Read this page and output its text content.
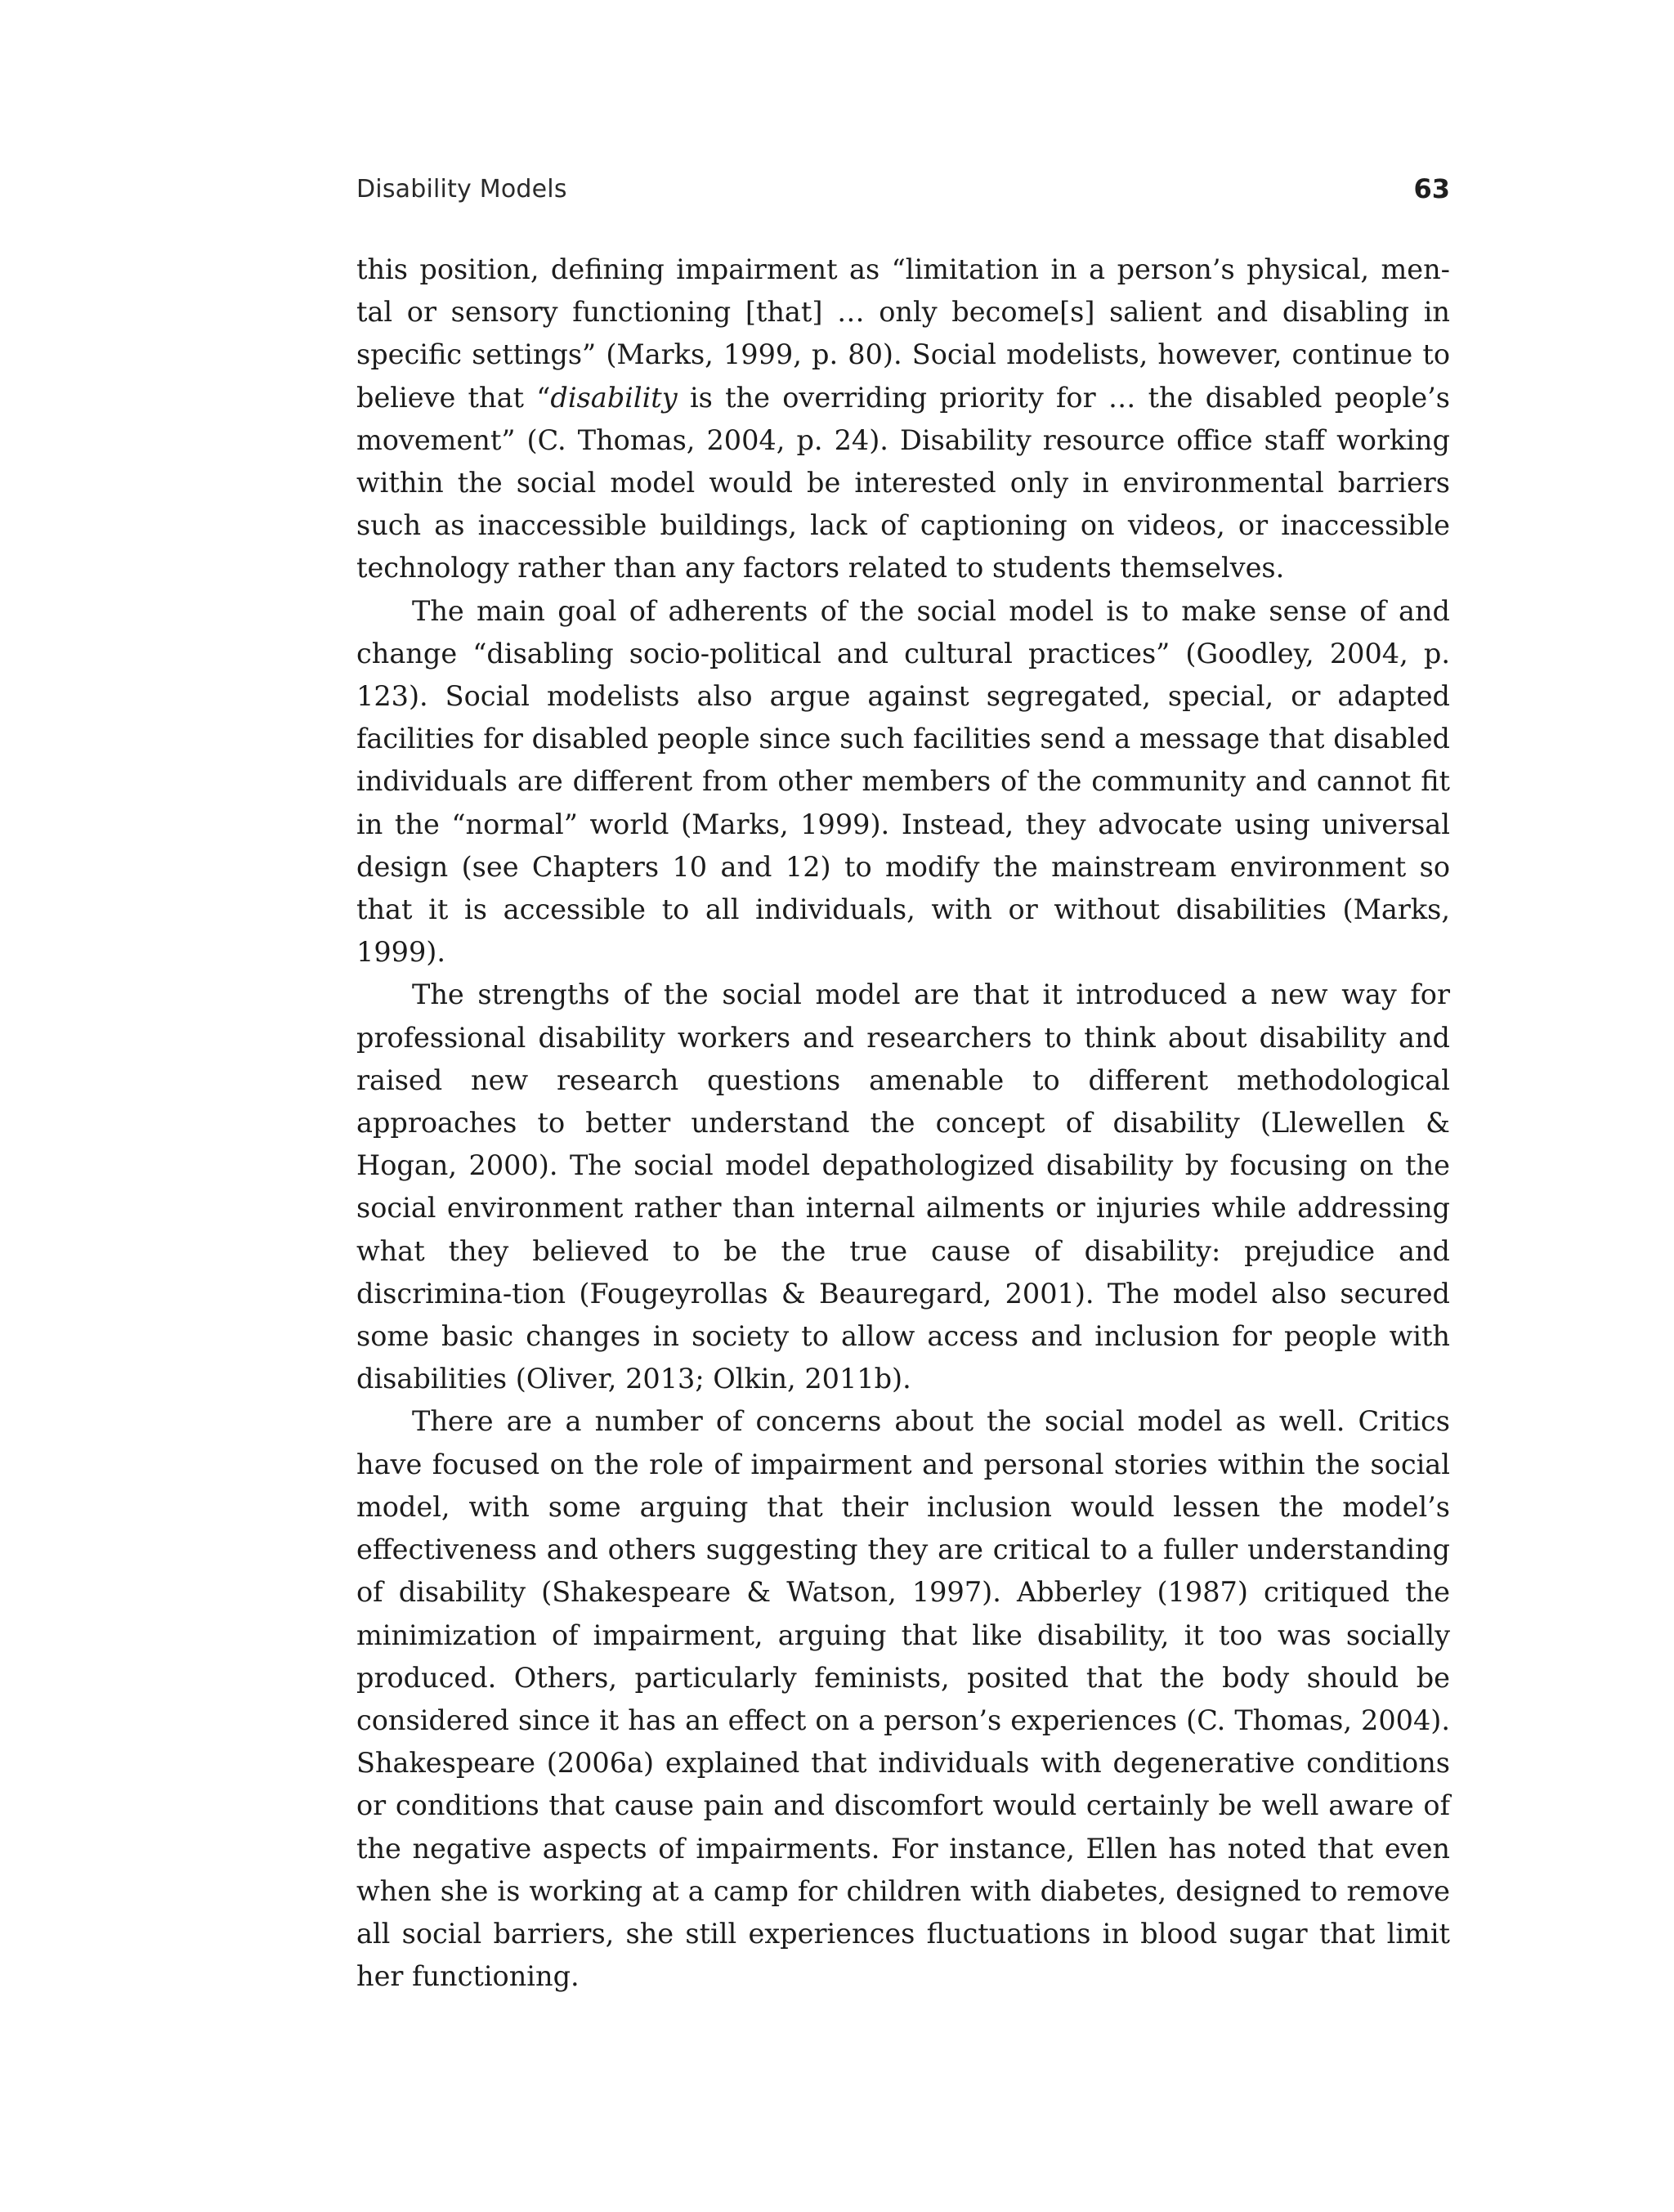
Disability Models	63

this position, defining impairment as “limitation in a person’s physical, men-tal or sensory functioning [that] … only become[s] salient and disabling in specific settings” (Marks, 1999, p. 80). Social modelists, however, continue to believe that “disability is the overriding priority for … the disabled people’s movement” (C. Thomas, 2004, p. 24). Disability resource office staff working within the social model would be interested only in environmental barriers such as inaccessible buildings, lack of captioning on videos, or inaccessible technology rather than any factors related to students themselves.

The main goal of adherents of the social model is to make sense of and change “disabling socio-political and cultural practices” (Goodley, 2004, p. 123). Social modelists also argue against segregated, special, or adapted facilities for disabled people since such facilities send a message that disabled individuals are different from other members of the community and cannot fit in the “normal” world (Marks, 1999). Instead, they advocate using universal design (see Chapters 10 and 12) to modify the mainstream environment so that it is accessible to all individuals, with or without disabilities (Marks, 1999).

The strengths of the social model are that it introduced a new way for professional disability workers and researchers to think about disability and raised new research questions amenable to different methodological approaches to better understand the concept of disability (Llewellen & Hogan, 2000). The social model depathologized disability by focusing on the social environment rather than internal ailments or injuries while addressing what they believed to be the true cause of disability: prejudice and discrimina-tion (Fougeyrollas & Beauregard, 2001). The model also secured some basic changes in society to allow access and inclusion for people with disabilities (Oliver, 2013; Olkin, 2011b).

There are a number of concerns about the social model as well. Critics have focused on the role of impairment and personal stories within the social model, with some arguing that their inclusion would lessen the model’s effectiveness and others suggesting they are critical to a fuller understanding of disability (Shakespeare & Watson, 1997). Abberley (1987) critiqued the minimization of impairment, arguing that like disability, it too was socially produced. Others, particularly feminists, posited that the body should be considered since it has an effect on a person’s experiences (C. Thomas, 2004). Shakespeare (2006a) explained that individuals with degenerative conditions or conditions that cause pain and discomfort would certainly be well aware of the negative aspects of impairments. For instance, Ellen has noted that even when she is working at a camp for children with diabetes, designed to remove all social barriers, she still experiences fluctuations in blood sugar that limit her functioning.
